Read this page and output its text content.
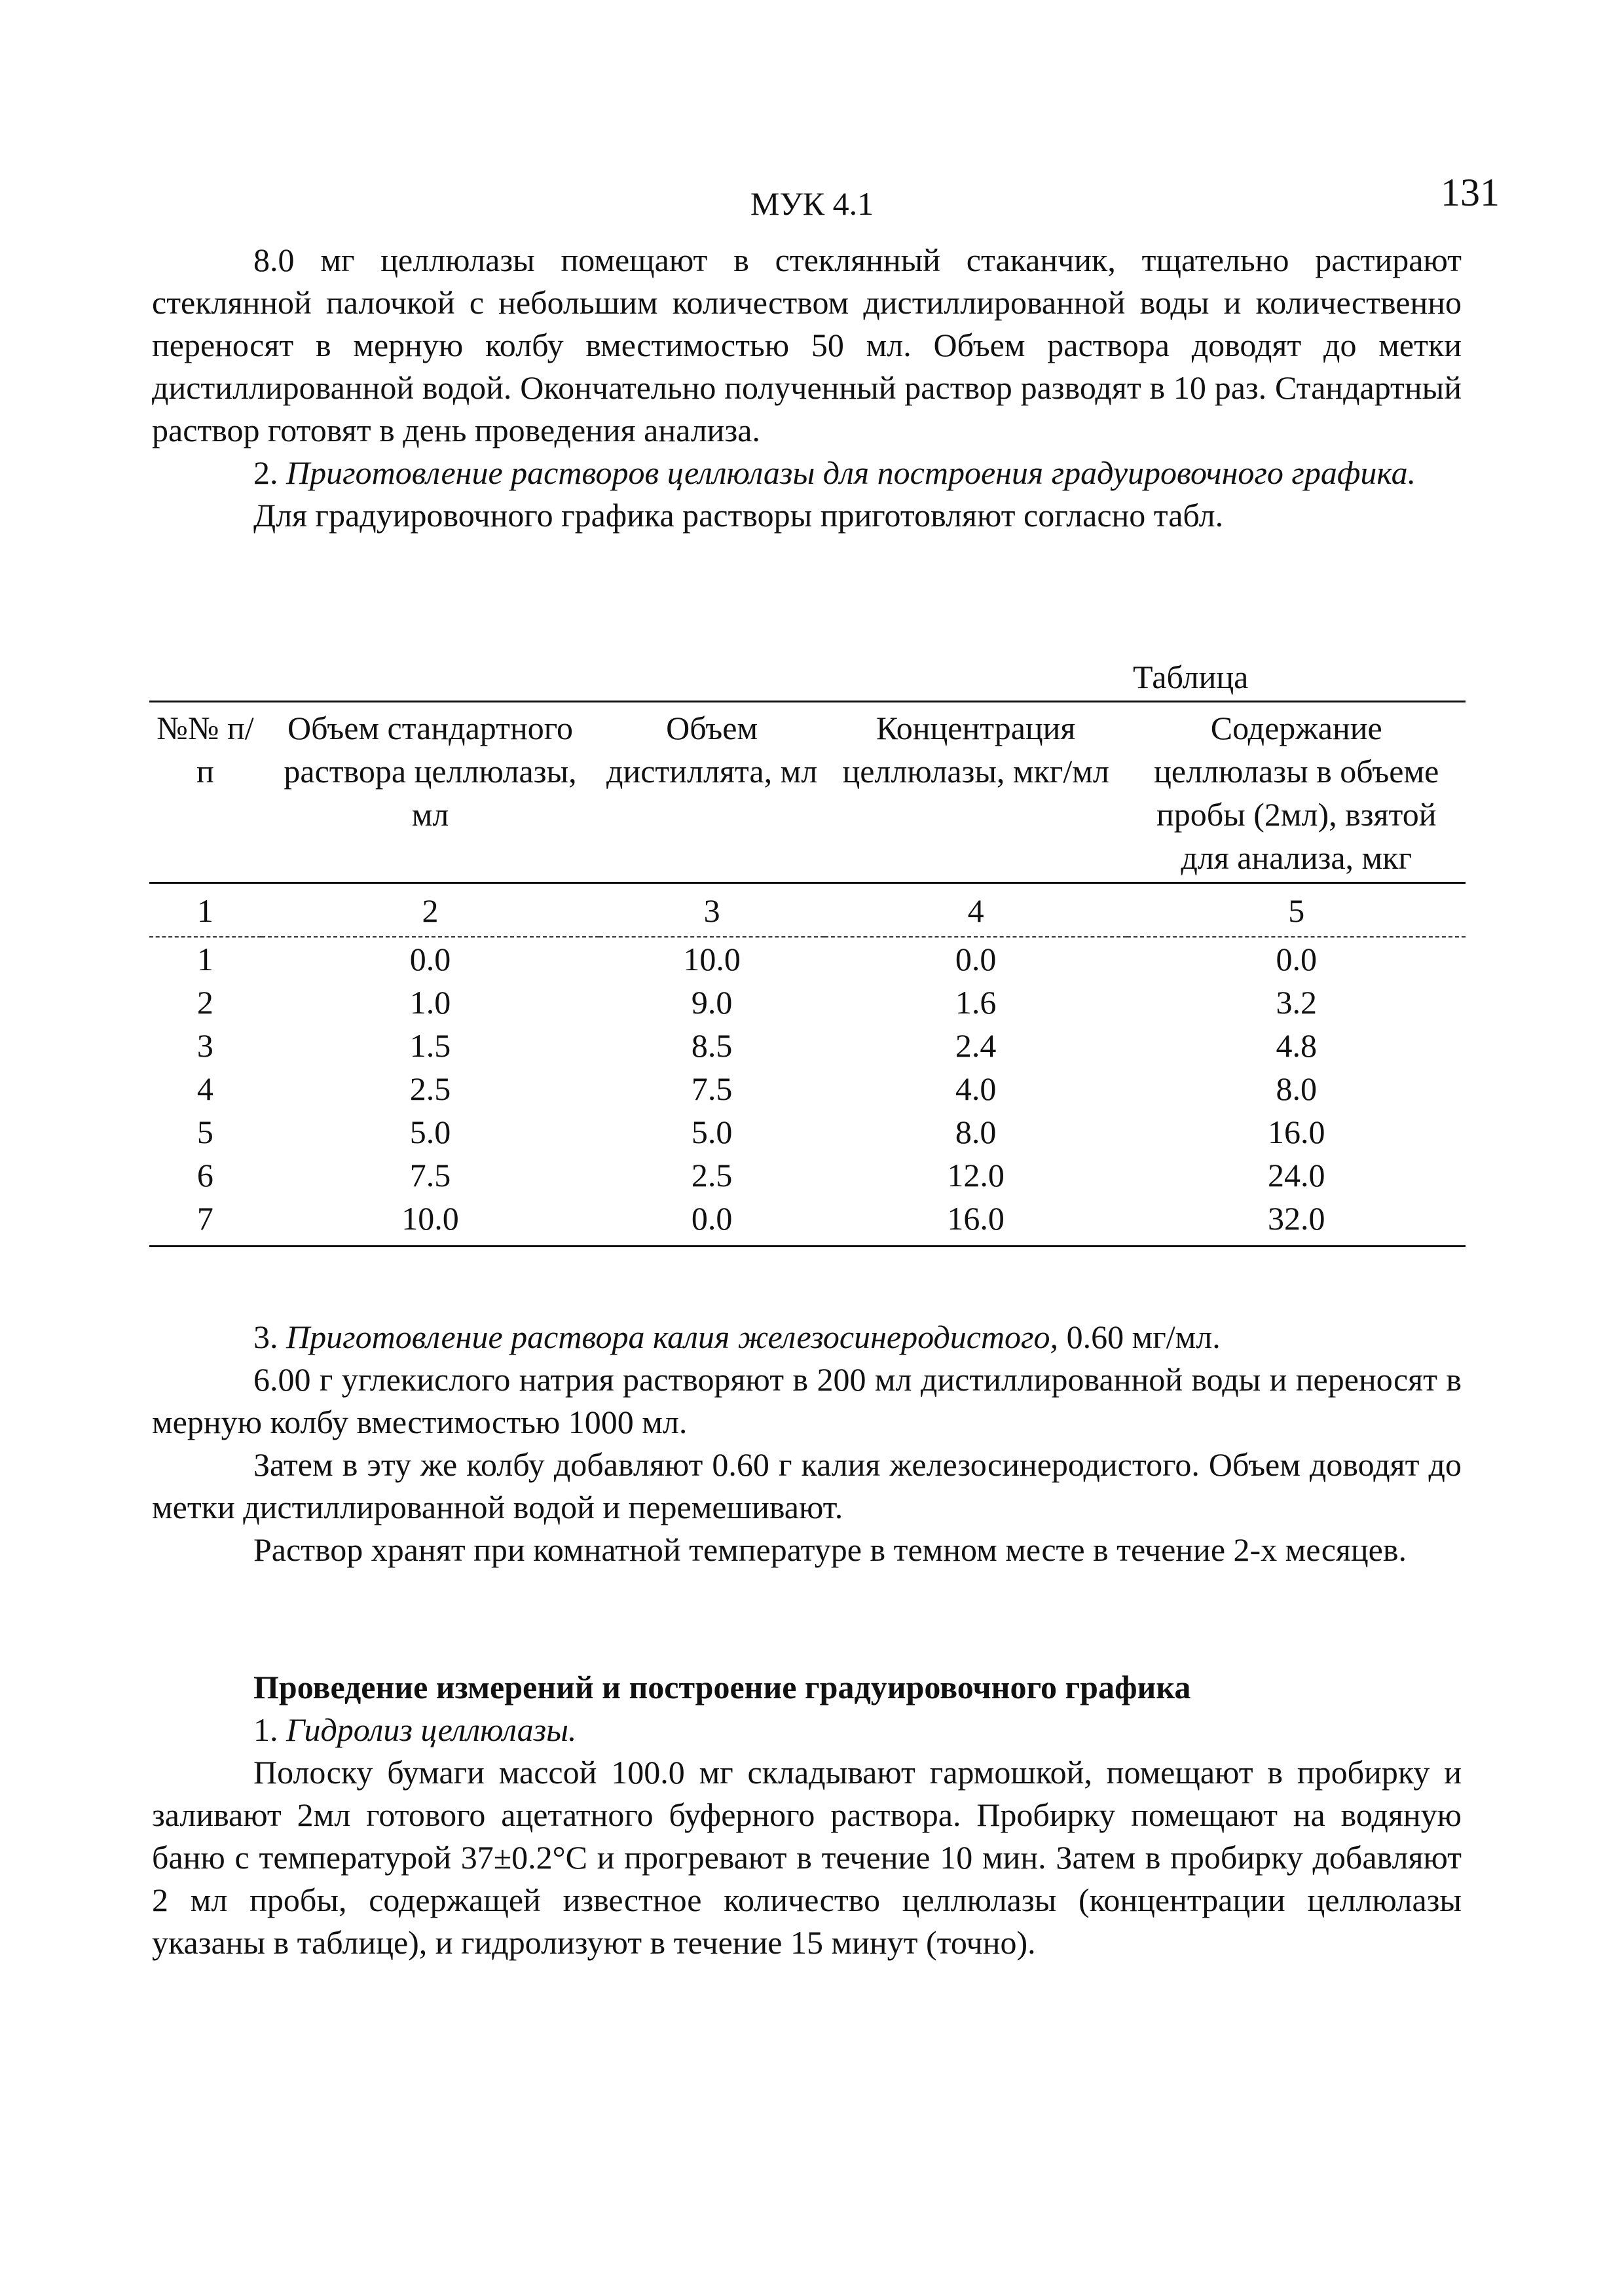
МУК 4.1	131

8.0 мг целлюлазы помещают в стеклянный стаканчик, тщательно растирают стеклянной палочкой с небольшим количеством дистиллированной воды и количественно переносят в мерную колбу вместимостью 50 мл. Объем раствора доводят до метки дистиллированной водой. Окончательно полученный раствор разводят в 10 раз. Стандартный раствор готовят в день проведения анализа.

2. Приготовление растворов целлюлазы для построения градуировочного графика.

Для градуировочного графика растворы приготовляют согласно табл.

Таблица
№№ п/п	Объем стандартного раствора целлюлазы, мл	Объем дистиллята, мл	Концентрация целлюлазы, мкг/мл	Содержание целлюлазы в объеме пробы (2мл), взятой для анализа, мкг
1	2	3	4	5
1	0.0	10.0	0.0	0.0
2	1.0	9.0	1.6	3.2
3	1.5	8.5	2.4	4.8
4	2.5	7.5	4.0	8.0
5	5.0	5.0	8.0	16.0
6	7.5	2.5	12.0	24.0
7	10.0	0.0	16.0	32.0

3. Приготовление раствора калия железосинеродистого, 0.60 мг/мл.

6.00 г углекислого натрия растворяют в 200 мл дистиллированной воды и переносят в мерную колбу вместимостью 1000 мл.

Затем в эту же колбу добавляют 0.60 г калия железосинеродистого. Объем доводят до метки дистиллированной водой и перемешивают.

Раствор хранят при комнатной температуре в темном месте в течение 2-х месяцев.

Проведение измерений и построение градуировочного графика

1. Гидролиз целлюлазы.

Полоску бумаги массой 100.0 мг складывают гармошкой, помещают в пробирку и заливают 2мл готового ацетатного буферного раствора. Пробирку помещают на водяную баню с температурой 37±0.2°С и прогревают в течение 10 мин. Затем в пробирку добавляют 2 мл пробы, содержащей известное количество целлюлазы (концентрации целлюлазы указаны в таблице), и гидролизуют в течение 15 минут (точно).
